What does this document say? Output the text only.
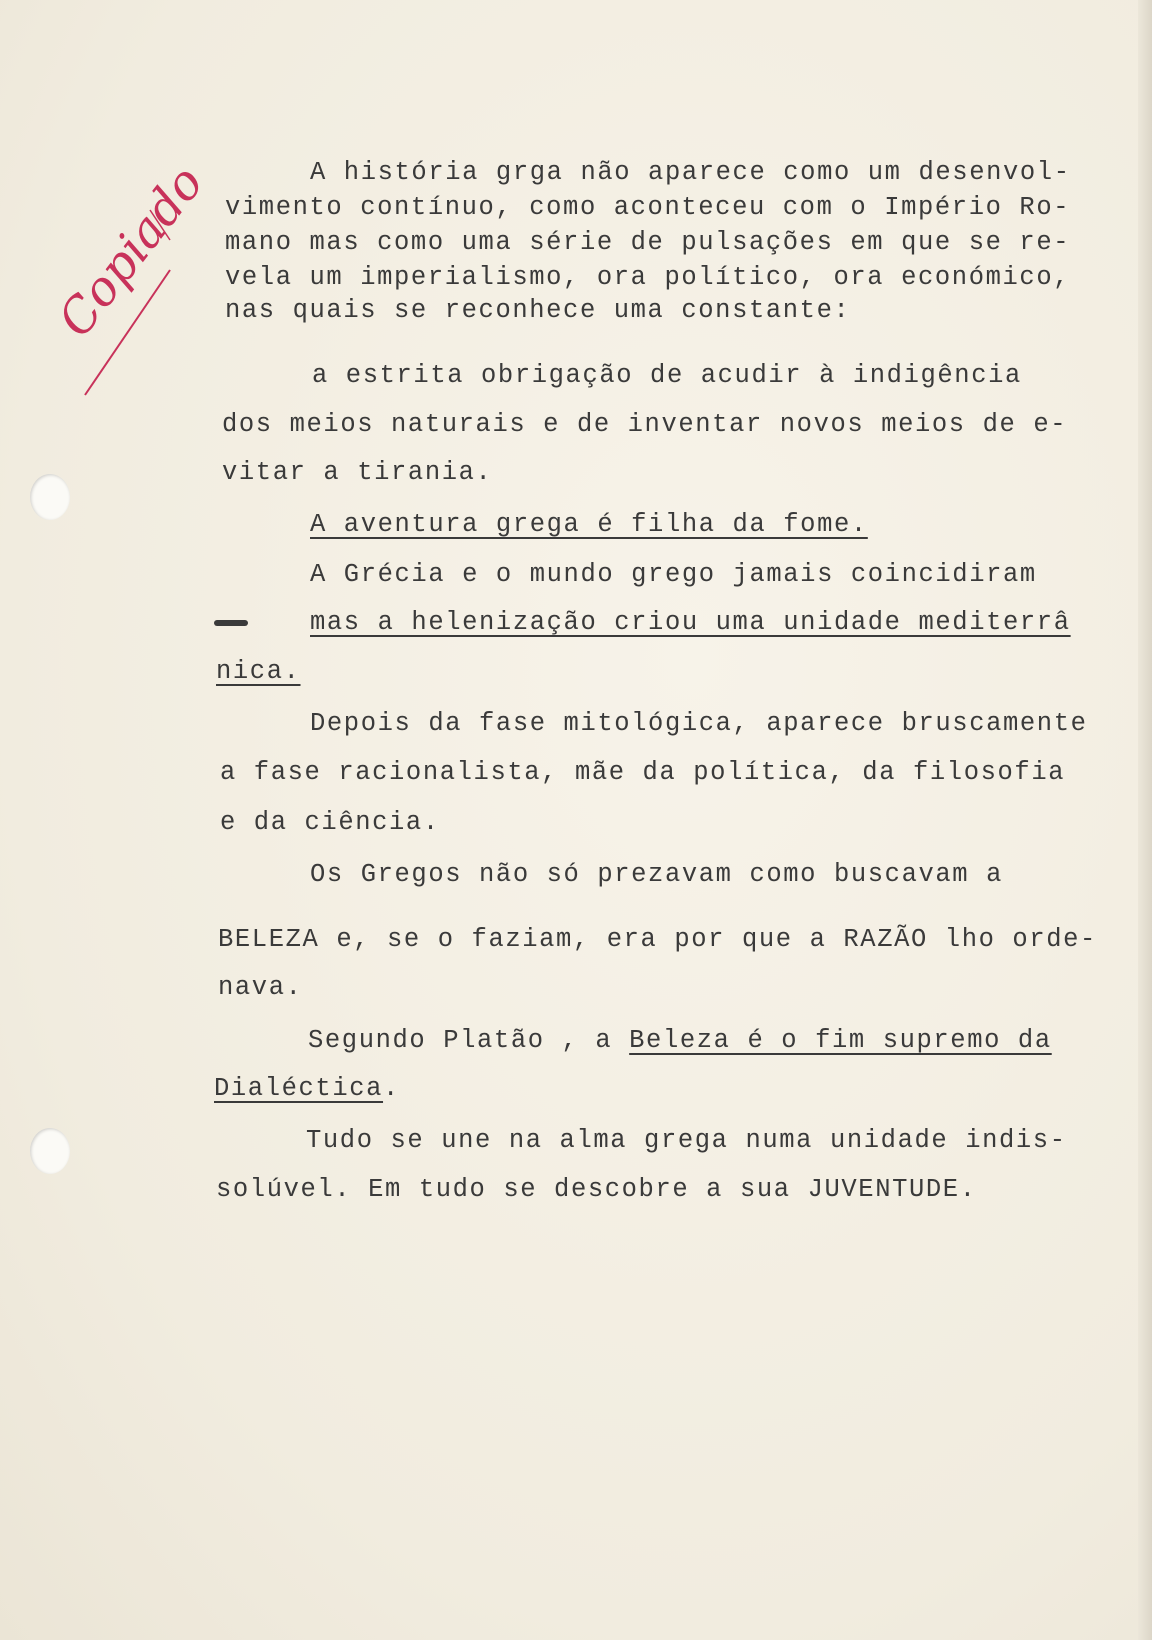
Copiado	A história grga não aparece como um desenvol-
vimento contínuo, como aconteceu com o Império Ro-
mano mas como uma série de pulsações em que se re-
vela um imperialismo, ora político, ora económico,
nas quais se reconhece uma constante:
a estrita obrigação de acudir à indigência
dos meios naturais e de inventar novos meios de e-
vitar a tirania.
A aventura grega é filha da fome.
A Grécia e o mundo grego jamais coincidiram
mas a helenização criou uma unidade mediterrâ
nica.
Depois da fase mitológica, aparece bruscamente
a fase racionalista, mãe da política, da filosofia
e da ciência.
Os Gregos não só prezavam como buscavam a
BELEZA e, se o faziam, era por que a RAZÃO lho orde-
nava.
Segundo Platão , a Beleza é o fim supremo da
Dialéctica.
Tudo se une na alma grega numa unidade indis-
solúvel. Em tudo se descobre a sua JUVENTUDE.
